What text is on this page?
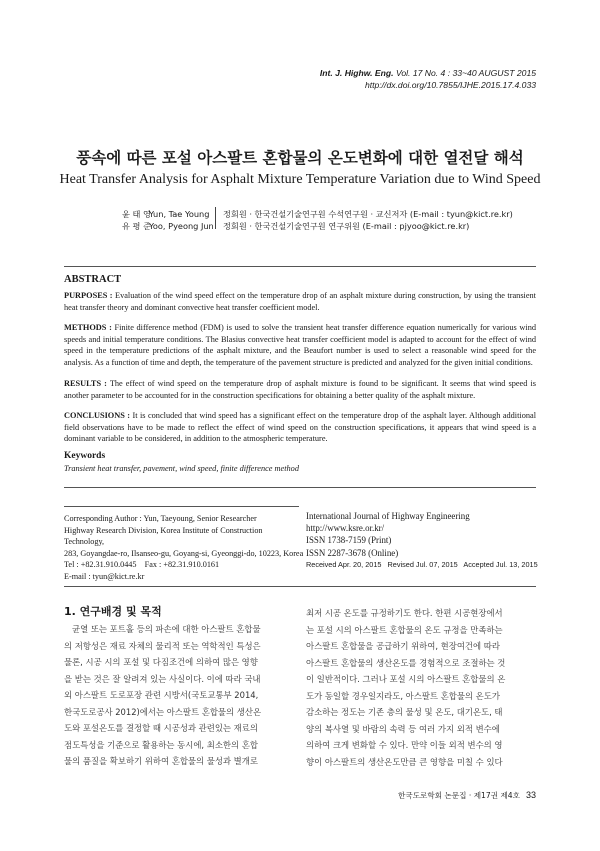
Int. J. Highw. Eng. Vol. 17 No. 4 : 33~40 AUGUST 2015
http://dx.doi.org/10.7855/IJHE.2015.17.4.033
풍속에 따른 포설 아스팔트 혼합물의 온도변화에 대한 열전달 해석
Heat Transfer Analysis for Asphalt Mixture Temperature Variation due to Wind Speed
윤 태 영
Yun, Tae Young 정회원 · 한국건설기술연구원 수석연구원 · 교신저자 (E-mail : tyun@kict.re.kr)
유 평 준
Yoo, Pyeong Jun 정회원 · 한국건설기술연구원 연구위원 (E-mail : pjyoo@kict.re.kr)
ABSTRACT
PURPOSES : Evaluation of the wind speed effect on the temperature drop of an asphalt mixture during construction, by using the transient heat transfer theory and dominant convective heat transfer coefficient model.
METHODS : Finite difference method (FDM) is used to solve the transient heat transfer difference equation numerically for various wind speeds and initial temperature conditions. The Blasius convective heat transfer coefficient model is adapted to account for the effect of wind speed in the temperature predictions of the asphalt mixture, and the Beaufort number is used to select a reasonable wind speed for the analysis. As a function of time and depth, the temperature of the pavement structure is predicted and analyzed for the given initial conditions.
RESULTS : The effect of wind speed on the temperature drop of asphalt mixture is found to be significant. It seems that wind speed is another parameter to be accounted for in the construction specifications for obtaining a better quality of the asphalt mixture.
CONCLUSIONS : It is concluded that wind speed has a significant effect on the temperature drop of the asphalt layer. Although additional field observations have to be made to reflect the effect of wind speed on the construction specifications, it appears that wind speed is a dominant variable to be considered, in addition to the atmospheric temperature.
Keywords
Transient heat transfer, pavement, wind speed, finite difference method
Corresponding Author : Yun, Taeyoung, Senior Researcher
Highway Research Division, Korea Institute of Construction Technology,
283, Goyangdae-ro, Ilsanseo-gu, Goyang-si, Gyeonggi-do, 10223, Korea
Tel : +82.31.910.0445    Fax : +82.31.910.0161
E-mail : tyun@kict.re.kr
International Journal of Highway Engineering
http://www.ksre.or.kr/
ISSN 1738-7159 (Print)
ISSN 2287-3678 (Online)
Received Apr. 20, 2015   Revised Jul. 07, 2015   Accepted Jul. 13, 2015
1. 연구배경 및 목적
균열 또는 포트홀 등의 파손에 대한 아스팔트 혼합물
의 저항성은 재료 자체의 물리적 또는 역학적인 특성은
물론, 시공 시의 포설 및 다짐조건에 의하여 많은 영향
을 받는 것은 잘 알려져 있는 사실이다. 이에 따라 국내
외 아스팔트 도로포장 관련 시방서(국토교통부 2014,
한국도로공사 2012)에서는 아스팔트 혼합물의 생산온
도와 포설온도를 결정할 때 시공성과 관련있는 재료의
점도특성을 기준으로 활용하는 동시에, 최소한의 혼합
물의 품질을 확보하기 위하여 혼합물의 물성과 별개로
최저 시공 온도를 규정하기도 한다. 한편 시공현장에서
는 포설 시의 아스팔트 혼합물의 온도 규정을 만족하는
아스팔트 혼합물을 공급하기 위하여, 현장여건에 따라
아스팔트 혼합물의 생산온도를 경험적으로 조절하는 것
이 일반적이다. 그러나 포설 시의 아스팔트 혼합물의 온
도가 동일할 경우일지라도, 아스팔트 혼합물의 온도가
감소하는 정도는 기존 층의 물성 및 온도, 대기온도, 태
양의 복사열 및 바람의 속력 등 여러 가지 외적 변수에
의하여 크게 변화할 수 있다. 만약 이들 외적 변수의 영
향이 아스팔트의 생산온도만큼 큰 영향을 미칠 수 있다
한국도로학회 논문집 · 제17권 제4호 33
